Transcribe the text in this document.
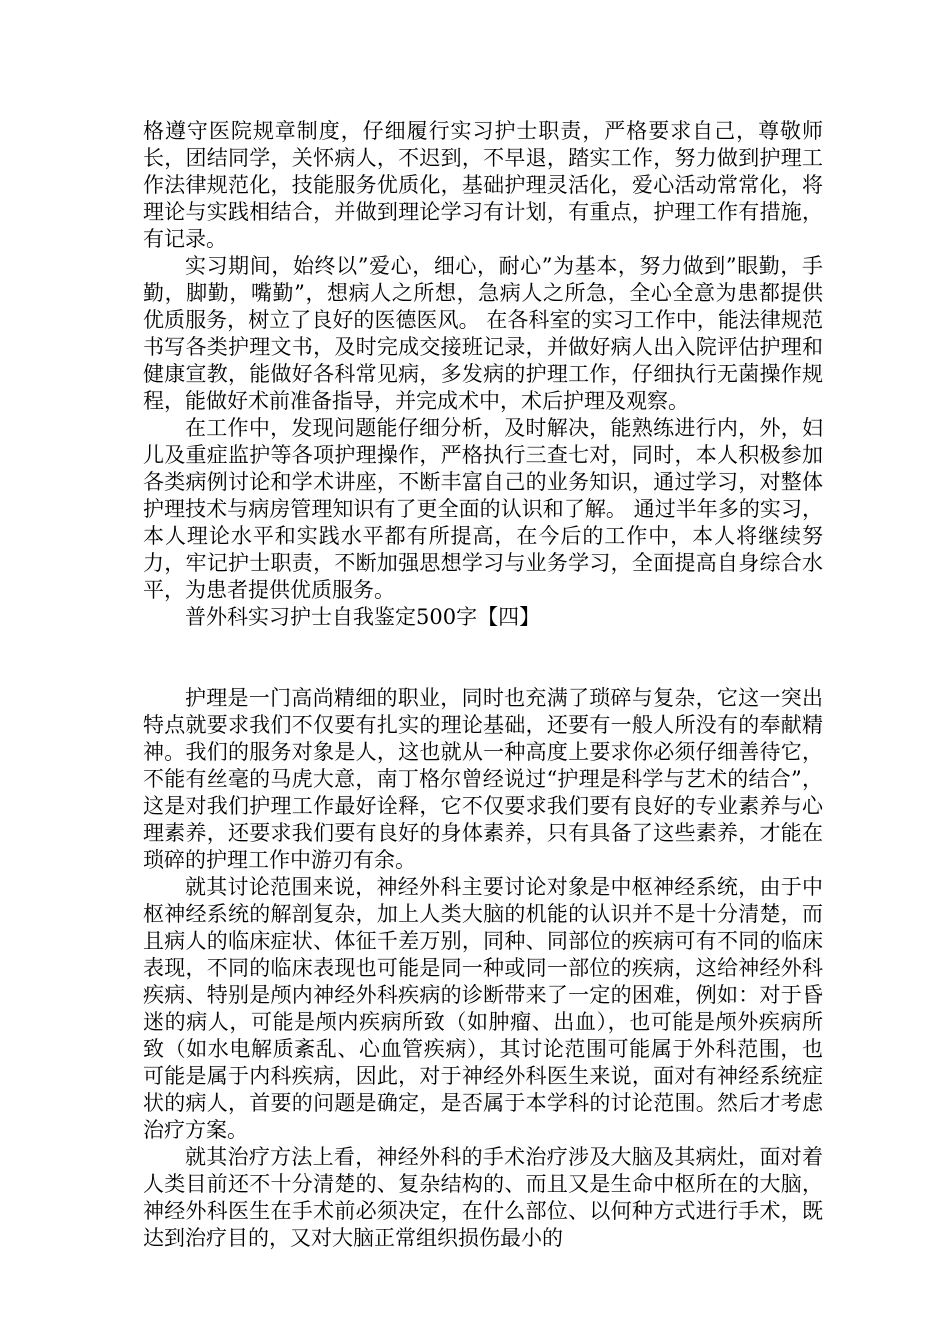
格遵守医院规章制度，仔细履行实习护士职责，严格要求自己，尊敬师长，团结同学，关怀病人，不迟到，不早退，踏实工作，努力做到护理工作法律规范化，技能服务优质化，基础护理灵活化，爱心活动常常化，将理论与实践相结合，并做到理论学习有计划，有重点，护理工作有措施，有记录。

实习期间，始终以”爱心，细心，耐心”为基本，努力做到”眼勤，手勤，脚勤，嘴勤”，想病人之所想，急病人之所急，全心全意为患都提供优质服务，树立了良好的医德医风。 在各科室的实习工作中，能法律规范书写各类护理文书，及时完成交接班记录，并做好病人出入院评估护理和健康宣教，能做好各科常见病，多发病的护理工作，仔细执行无菌操作规程，能做好术前准备指导，并完成术中，术后护理及观察。

在工作中，发现问题能仔细分析，及时解决，能熟练进行内，外，妇儿及重症监护等各项护理操作，严格执行三查七对，同时，本人积极参加各类病例讨论和学术讲座，不断丰富自己的业务知识，通过学习，对整体护理技术与病房管理知识有了更全面的认识和了解。 通过半年多的实习，本人理论水平和实践水平都有所提高，在今后的工作中，本人将继续努力，牢记护士职责，不断加强思想学习与业务学习，全面提高自身综合水平，为患者提供优质服务。

普外科实习护士自我鉴定500字【四】

护理是一门高尚精细的职业，同时也充满了琐碎与复杂，它这一突出特点就要求我们不仅要有扎实的理论基础，还要有一般人所没有的奉献精神。我们的服务对象是人，这也就从一种高度上要求你必须仔细善待它，不能有丝毫的马虎大意，南丁格尔曾经说过“护理是科学与艺术的结合”，这是对我们护理工作最好诠释，它不仅要求我们要有良好的专业素养与心理素养，还要求我们要有良好的身体素养，只有具备了这些素养，才能在琐碎的护理工作中游刃有余。

就其讨论范围来说，神经外科主要讨论对象是中枢神经系统，由于中枢神经系统的解剖复杂，加上人类大脑的机能的认识并不是十分清楚，而且病人的临床症状、体征千差万别，同种、同部位的疾病可有不同的临床表现，不同的临床表现也可能是同一种或同一部位的疾病，这给神经外科疾病、特别是颅内神经外科疾病的诊断带来了一定的困难，例如：对于昏迷的病人，可能是颅内疾病所致（如肿瘤、出血），也可能是颅外疾病所致（如水电解质紊乱、心血管疾病），其讨论范围可能属于外科范围，也可能是属于内科疾病，因此，对于神经外科医生来说，面对有神经系统症状的病人，首要的问题是确定，是否属于本学科的讨论范围。然后才考虑治疗方案。

就其治疗方法上看，神经外科的手术治疗涉及大脑及其病灶，面对着人类目前还不十分清楚的、复杂结构的、而且又是生命中枢所在的大脑，神经外科医生在手术前必须决定，在什么部位、以何种方式进行手术，既达到治疗目的，又对大脑正常组织损伤最小的
